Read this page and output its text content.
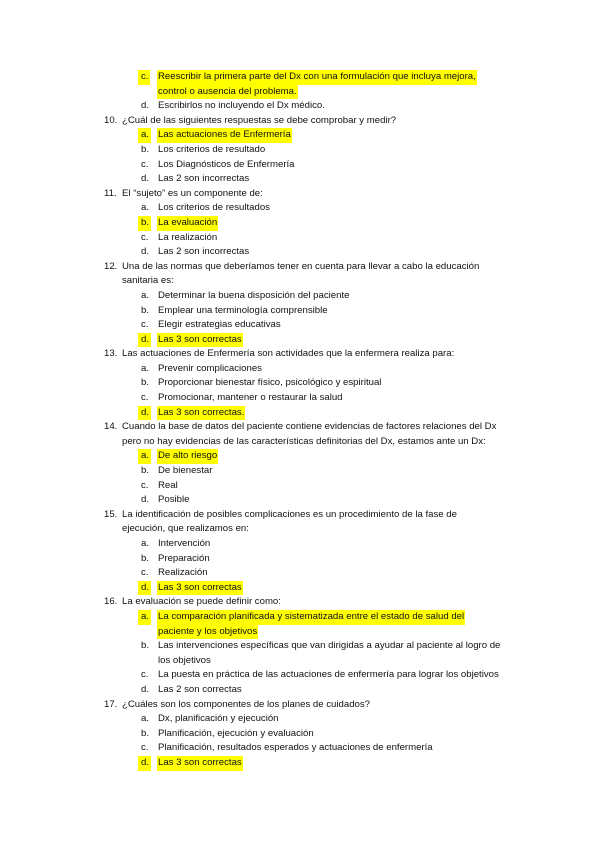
c. Reescribir la primera parte del Dx con una formulación que incluya mejora,
control o ausencia del problema.
d. Escribirlos no incluyendo el Dx médico.
10. ¿Cuál de las siguientes respuestas se debe comprobar y medir?
a. Las actuaciones de Enfermería
b. Los criterios de resultado
c. Los Diagnósticos de Enfermería
d. Las 2 son incorrectas
11. El “sujeto” es un componente de:
a. Los criterios de resultados
b. La evaluación
c. La realización
d. Las 2 son incorrectas
12. Una de las normas que deberíamos tener en cuenta para llevar a cabo la educación
sanitaria es:
a. Determinar la buena disposición del paciente
b. Emplear una terminología comprensible
c. Elegir estrategias educativas
d. Las 3 son correctas
13. Las actuaciones de Enfermería son actividades que la enfermera realiza para:
a. Prevenir complicaciones
b. Proporcionar bienestar físico, psicológico y espiritual
c. Promocionar, mantener o restaurar la salud
d. Las 3 son correctas.
14. Cuando la base de datos del paciente contiene evidencias de factores relaciones del Dx
pero no hay evidencias de las características definitorias del Dx, estamos ante un Dx:
a. De alto riesgo
b. De bienestar
c. Real
d. Posible
15. La identificación de posibles complicaciones es un procedimiento de la fase de
ejecución, que realizamos en:
a. Intervención
b. Preparación
c. Realización
d. Las 3 son correctas
16. La evaluación se puede definir como:
a. La comparación planificada y sistematizada entre el estado de salud del
paciente y los objetivos
b. Las intervenciones específicas que van dirigidas a ayudar al paciente al logro de
los objetivos
c. La puesta en práctica de las actuaciones de enfermería para lograr los objetivos
d. Las 2 son correctas
17. ¿Cuáles son los componentes de los planes de cuidados?
a. Dx, planificación y ejecución
b. Planificación, ejecución y evaluación
c. Planificación, resultados esperados y actuaciones de enfermería
d. Las 3 son correctas
